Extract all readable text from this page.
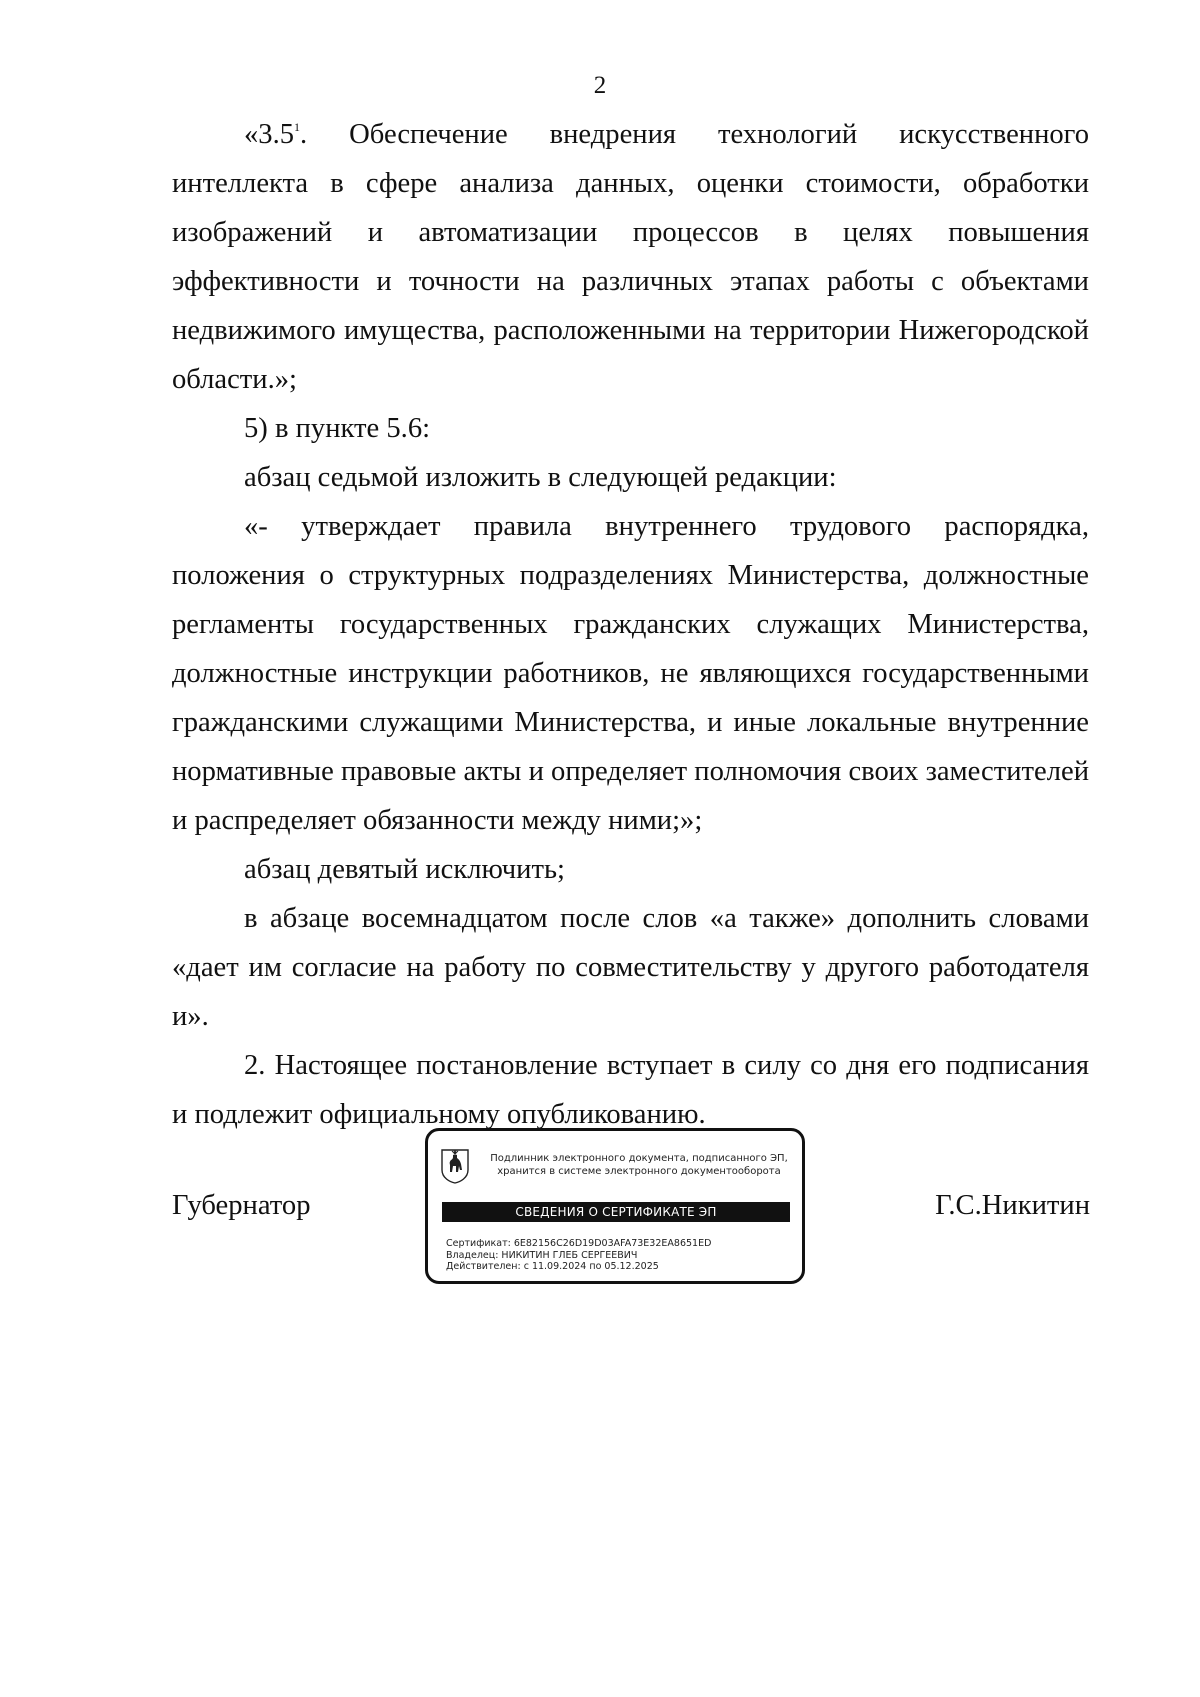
2

«$3.5^1$. Обеспечение внедрения технологий искусственного интеллекта в сфере анализа данных, оценки стоимости, обработки изображений и автоматизации процессов в целях повышения эффективности и точности на различных этапах работы с объектами недвижимого имущества, расположенными на территории Нижегородской области.»;

5) в пункте 5.6:

абзац седьмой изложить в следующей редакции:

«- утверждает правила внутреннего трудового распорядка, положения о структурных подразделениях Министерства, должностные регламенты государственных гражданских служащих Министерства, должностные инструкции работников, не являющихся государственными гражданскими служащими Министерства, и иные локальные внутренние нормативные правовые акты и определяет полномочия своих заместителей и распределяет обязанности между ними;»;

абзац девятый исключить;

в абзаце восемнадцатом после слов «а также» дополнить словами «дает им согласие на работу по совместительству у другого работодателя и».

2. Настоящее постановление вступает в силу со дня его подписания и подлежит официальному опубликованию.

Губернатор
Подлинник электронного документа, подписанного ЭП,
хранится в системе электронного документооборота
СВЕДЕНИЯ О СЕРТИФИКАТЕ ЭП
Сертификат: 6E82156C26D19D03AFA73E32EA8651ED
Владелец: НИКИТИН ГЛЕБ СЕРГЕЕВИЧ
Действителен: с 11.09.2024 по 05.12.2025
Г.С.Никитин
